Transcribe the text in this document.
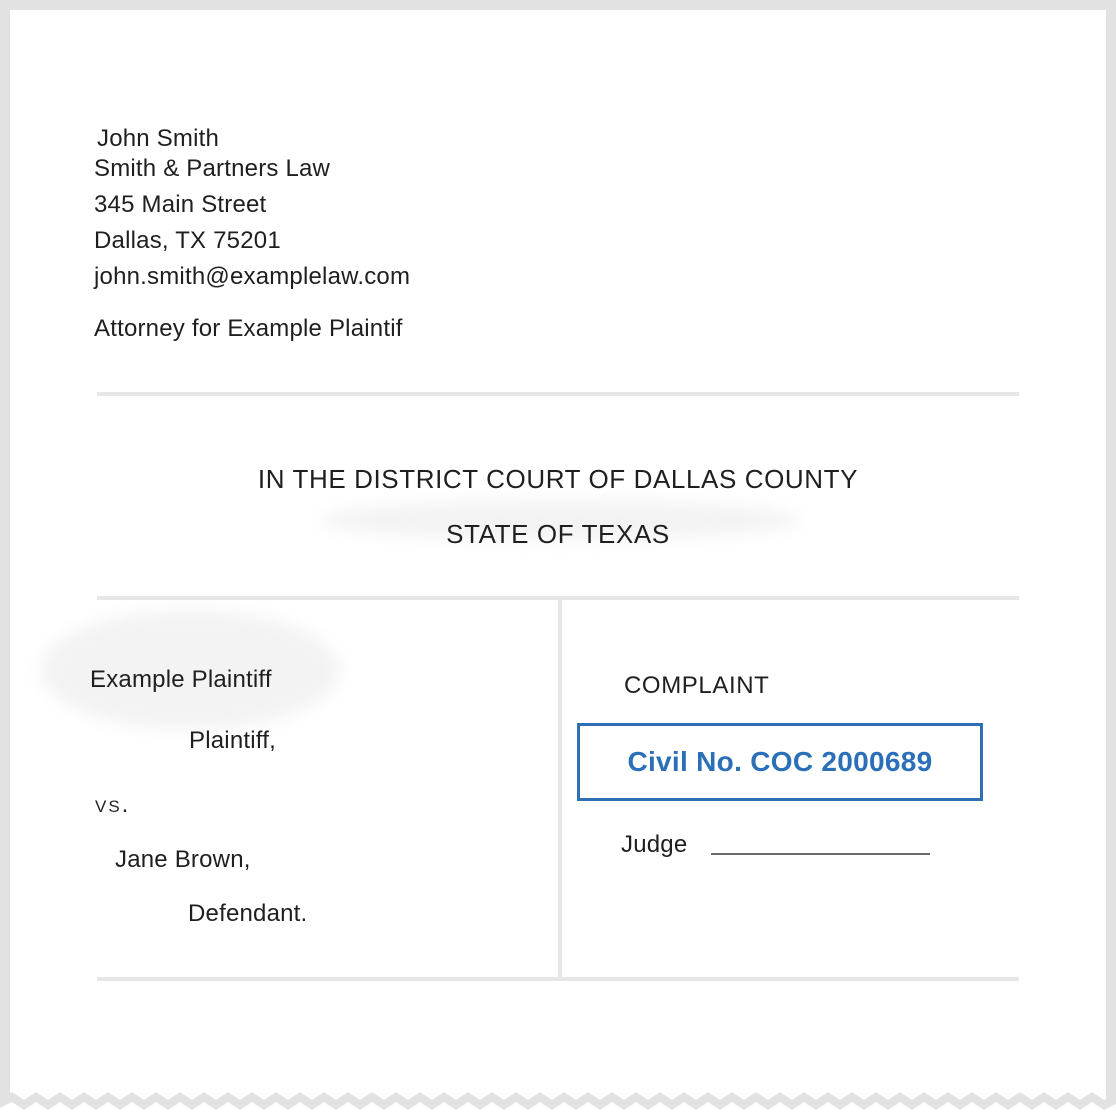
John Smith
Smith & Partners Law
345 Main Street
Dallas, TX 75201
john.smith@examplelaw.com
Attorney for Example Plaintif
IN THE DISTRICT COURT OF DALLAS COUNTY
STATE OF TEXAS
Example Plaintiff
Plaintiff,
vs.
Jane Brown,
Defendant.
COMPLAINT
Civil No. COC 2000689
Judge
